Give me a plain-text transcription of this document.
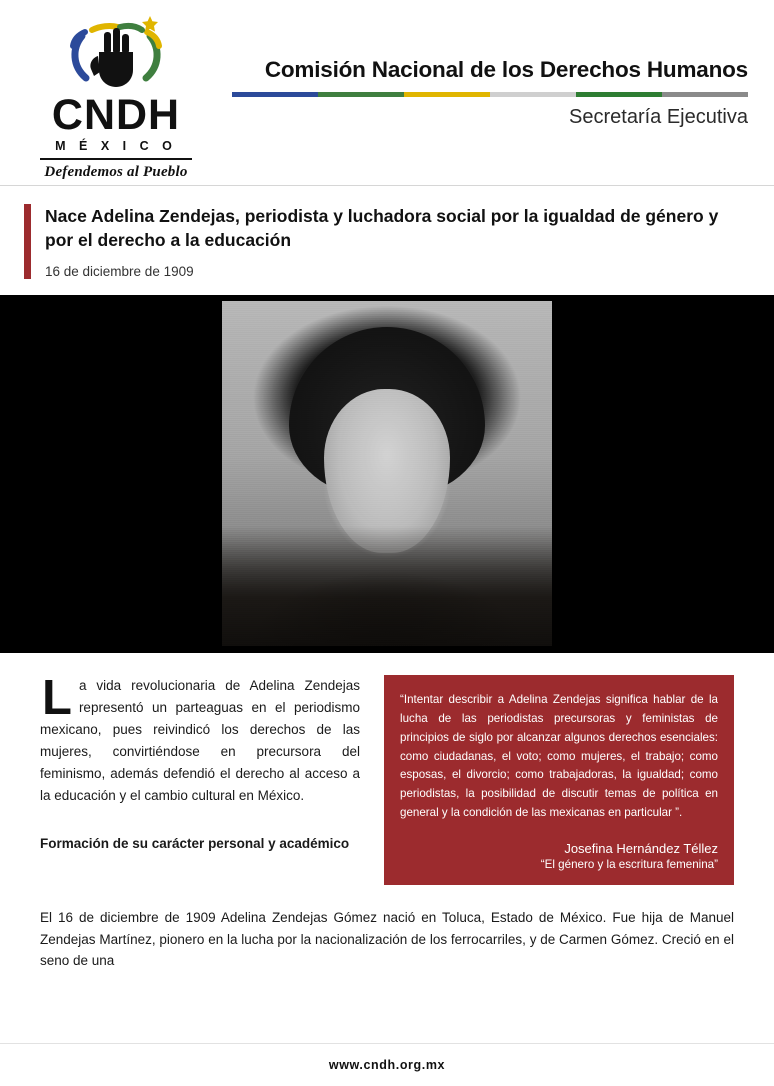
CNDH
M É X I C O
Defendemos al Pueblo
Comisión Nacional de los Derechos Humanos
Secretaría Ejecutiva
Nace Adelina Zendejas, periodista y luchadora social por la igualdad de género y por el derecho a la educación
16 de diciembre de 1909
La vida revolucionaria de Adelina Zendejas representó un parteaguas en el periodismo mexicano, pues reivindicó los derechos de las mujeres, convirtiéndose en precursora del feminismo, además defendió el derecho al acceso a la educación y el cambio cultural en México.
Formación de su carácter personal y académico
“Intentar describir a Adelina Zendejas significa hablar de la lucha de las periodistas precursoras y feministas de principios de siglo por alcanzar algunos derechos esenciales: como ciudadanas, el voto; como mujeres, el trabajo; como esposas, el divorcio; como trabajadoras, la igualdad; como periodistas, la posibilidad de discutir temas de política en general y la condición de las mexicanas en particular ”.
Josefina Hernández Téllez
“El género y la escritura femenina”
El 16 de diciembre de 1909 Adelina Zendejas Gómez nació en Toluca, Estado de México. Fue hija de Manuel Zendejas Martínez, pionero en la lucha por la nacionalización de los ferrocarriles, y de Carmen Gómez. Creció en el seno de una
www.cndh.org.mx
